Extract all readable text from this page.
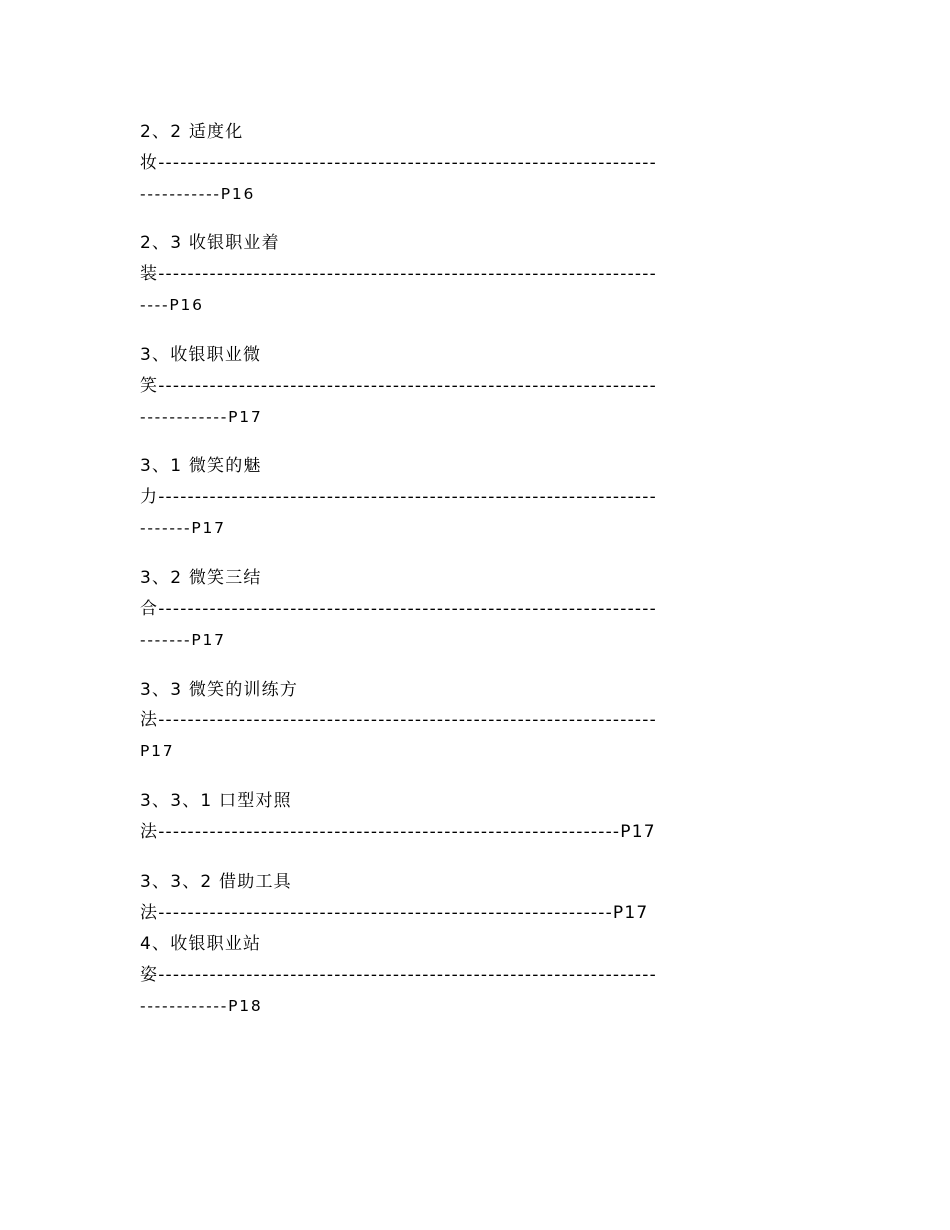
2、2 适度化
妆--------------------------------------------------------------------
-----------P16
2、3 收银职业着
装--------------------------------------------------------------------
----P16
3、收银职业微
笑--------------------------------------------------------------------
------------P17
3、1 微笑的魅
力--------------------------------------------------------------------
-------P17
3、2 微笑三结
合--------------------------------------------------------------------
-------P17
3、3 微笑的训练方
法--------------------------------------------------------------------
P17
3、3、1 口型对照
法---------------------------------------------------------------P17
3、3、2 借助工具
法--------------------------------------------------------------P17
4、收银职业站
姿--------------------------------------------------------------------
------------P18
